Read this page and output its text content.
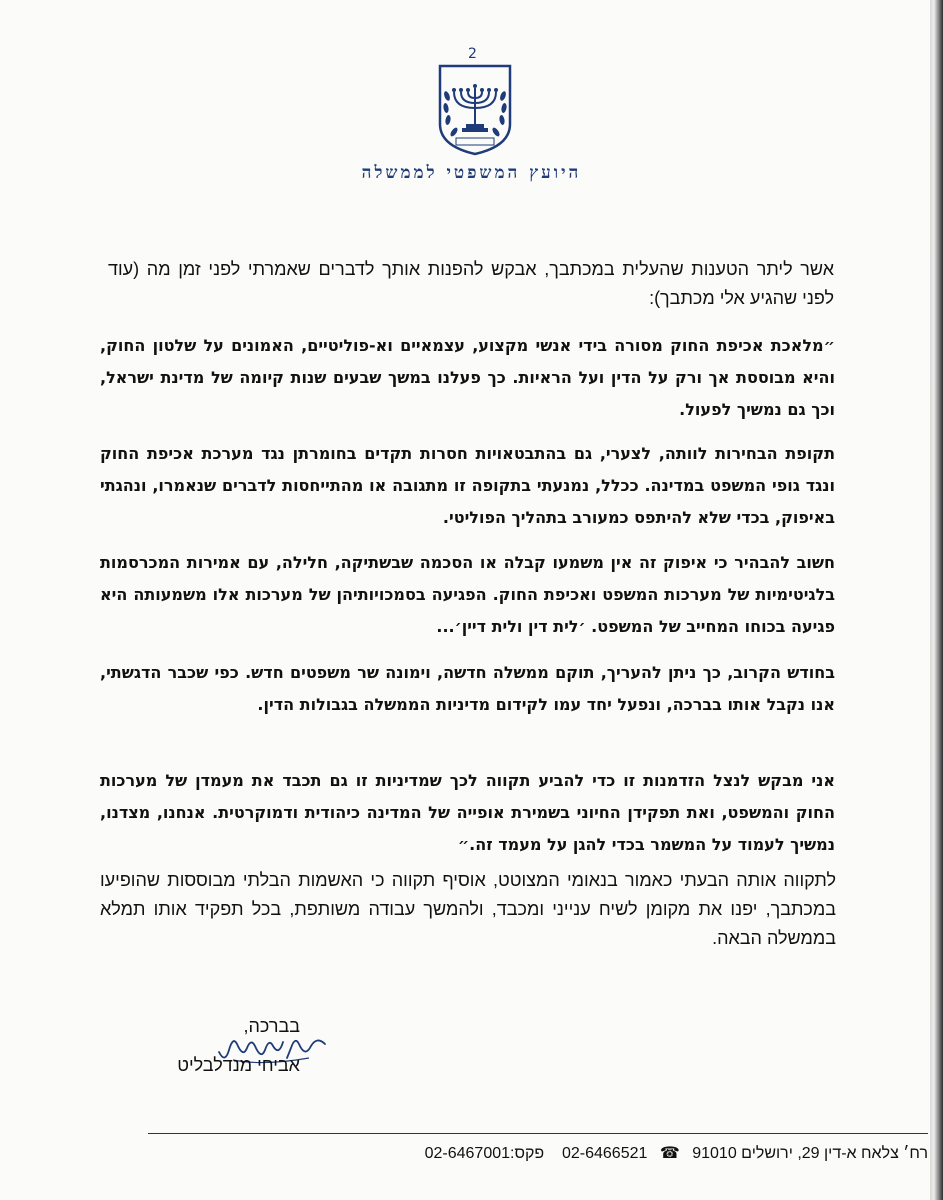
2
היועץ המשפטי לממשלה
אשר ליתר הטענות שהעלית במכתבך, אבקש להפנות אותך לדברים שאמרתי לפני זמן מה (עוד לפני שהגיע אלי מכתבך):
״מלאכת אכיפת החוק מסורה בידי אנשי מקצוע, עצמאיים וא-פוליטיים, האמונים על שלטון החוק, והיא מבוססת אך ורק על הדין ועל הראיות. כך פעלנו במשך שבעים שנות קיומה של מדינת ישראל, וכך גם נמשיך לפעול.
תקופת הבחירות לוותה, לצערי, גם בהתבטאויות חסרות תקדים בחומרתן נגד מערכת אכיפת החוק ונגד גופי המשפט במדינה. ככלל, נמנעתי בתקופה זו מתגובה או מהתייחסות לדברים שנאמרו, ונהגתי באיפוק, בכדי שלא להיתפס כמעורב בתהליך הפוליטי.
חשוב להבהיר כי איפוק זה אין משמעו קבלה או הסכמה שבשתיקה, חלילה, עם אמירות המכרסמות בלגיטימיות של מערכות המשפט ואכיפת החוק. הפגיעה בסמכויותיהן של מערכות אלו משמעותה היא פגיעה בכוחו המחייב של המשפט. ׳לית דין ולית דיין׳...
בחודש הקרוב, כך ניתן להעריך, תוקם ממשלה חדשה, וימונה שר משפטים חדש. כפי שכבר הדגשתי, אנו נקבל אותו בברכה, ונפעל יחד עמו לקידום מדיניות הממשלה בגבולות הדין.
אני מבקש לנצל הזדמנות זו כדי להביע תקווה לכך שמדיניות זו גם תכבד את מעמדן של מערכות החוק והמשפט, ואת תפקידן החיוני בשמירת אופייה של המדינה כיהודית ודמוקרטית. אנחנו, מצדנו, נמשיך לעמוד על המשמר בכדי להגן על מעמד זה.״
לתקווה אותה הבעתי כאמור בנאומי המצוטט, אוסיף תקווה כי האשמות הבלתי מבוססות שהופיעו במכתבך, יפנו את מקומן לשיח ענייני ומכבד, ולהמשך עבודה משותפת, בכל תפקיד אותו תמלא בממשלה הבאה.
בברכה,
אביחי מנדלבליט
רח׳ צלאח א-דין 29, ירושלים 91010 ☎ 02-6466521    פקס:02-6467001
